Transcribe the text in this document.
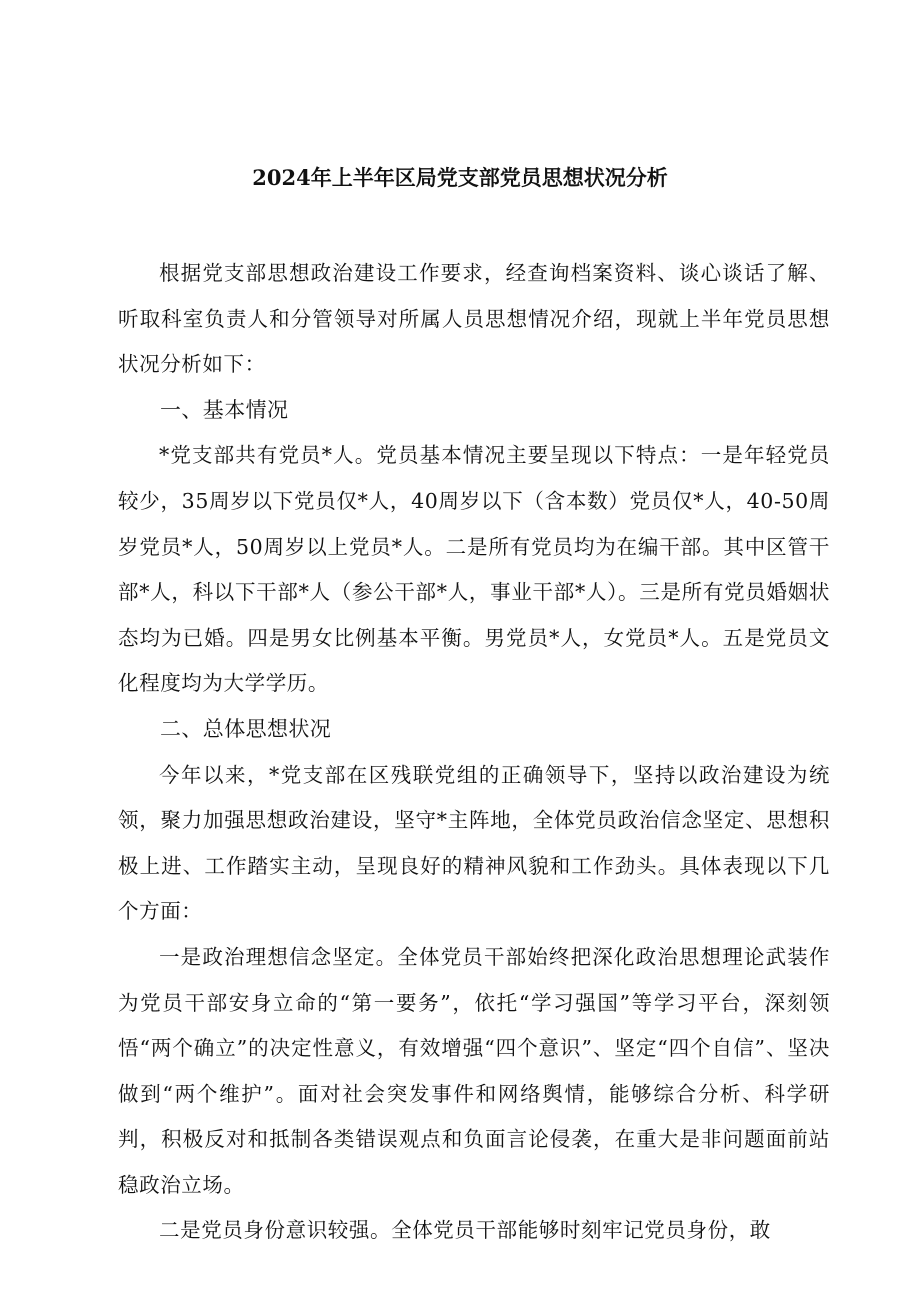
2024年上半年区局党支部党员思想状况分析

根据党支部思想政治建设工作要求，经查询档案资料、谈心谈话了解、听取科室负责人和分管领导对所属人员思想情况介绍，现就上半年党员思想状况分析如下：

一、基本情况

*党支部共有党员*人。党员基本情况主要呈现以下特点：一是年轻党员较少，35周岁以下党员仅*人，40周岁以下（含本数）党员仅*人，40-50周岁党员*人，50周岁以上党员*人。二是所有党员均为在编干部。其中区管干部*人，科以下干部*人（参公干部*人，事业干部*人）。三是所有党员婚姻状态均为已婚。四是男女比例基本平衡。男党员*人，女党员*人。五是党员文化程度均为大学学历。

二、总体思想状况

今年以来，*党支部在区残联党组的正确领导下，坚持以政治建设为统领，聚力加强思想政治建设，坚守*主阵地，全体党员政治信念坚定、思想积极上进、工作踏实主动，呈现良好的精神风貌和工作劲头。具体表现以下几个方面：

一是政治理想信念坚定。全体党员干部始终把深化政治思想理论武装作为党员干部安身立命的“第一要务”，依托“学习强国”等学习平台，深刻领悟“两个确立”的决定性意义，有效增强“四个意识”、坚定“四个自信”、坚决做到“两个维护”。面对社会突发事件和网络舆情，能够综合分析、科学研判，积极反对和抵制各类错误观点和负面言论侵袭，在重大是非问题面前站稳政治立场。

二是党员身份意识较强。全体党员干部能够时刻牢记党员身份，敢
